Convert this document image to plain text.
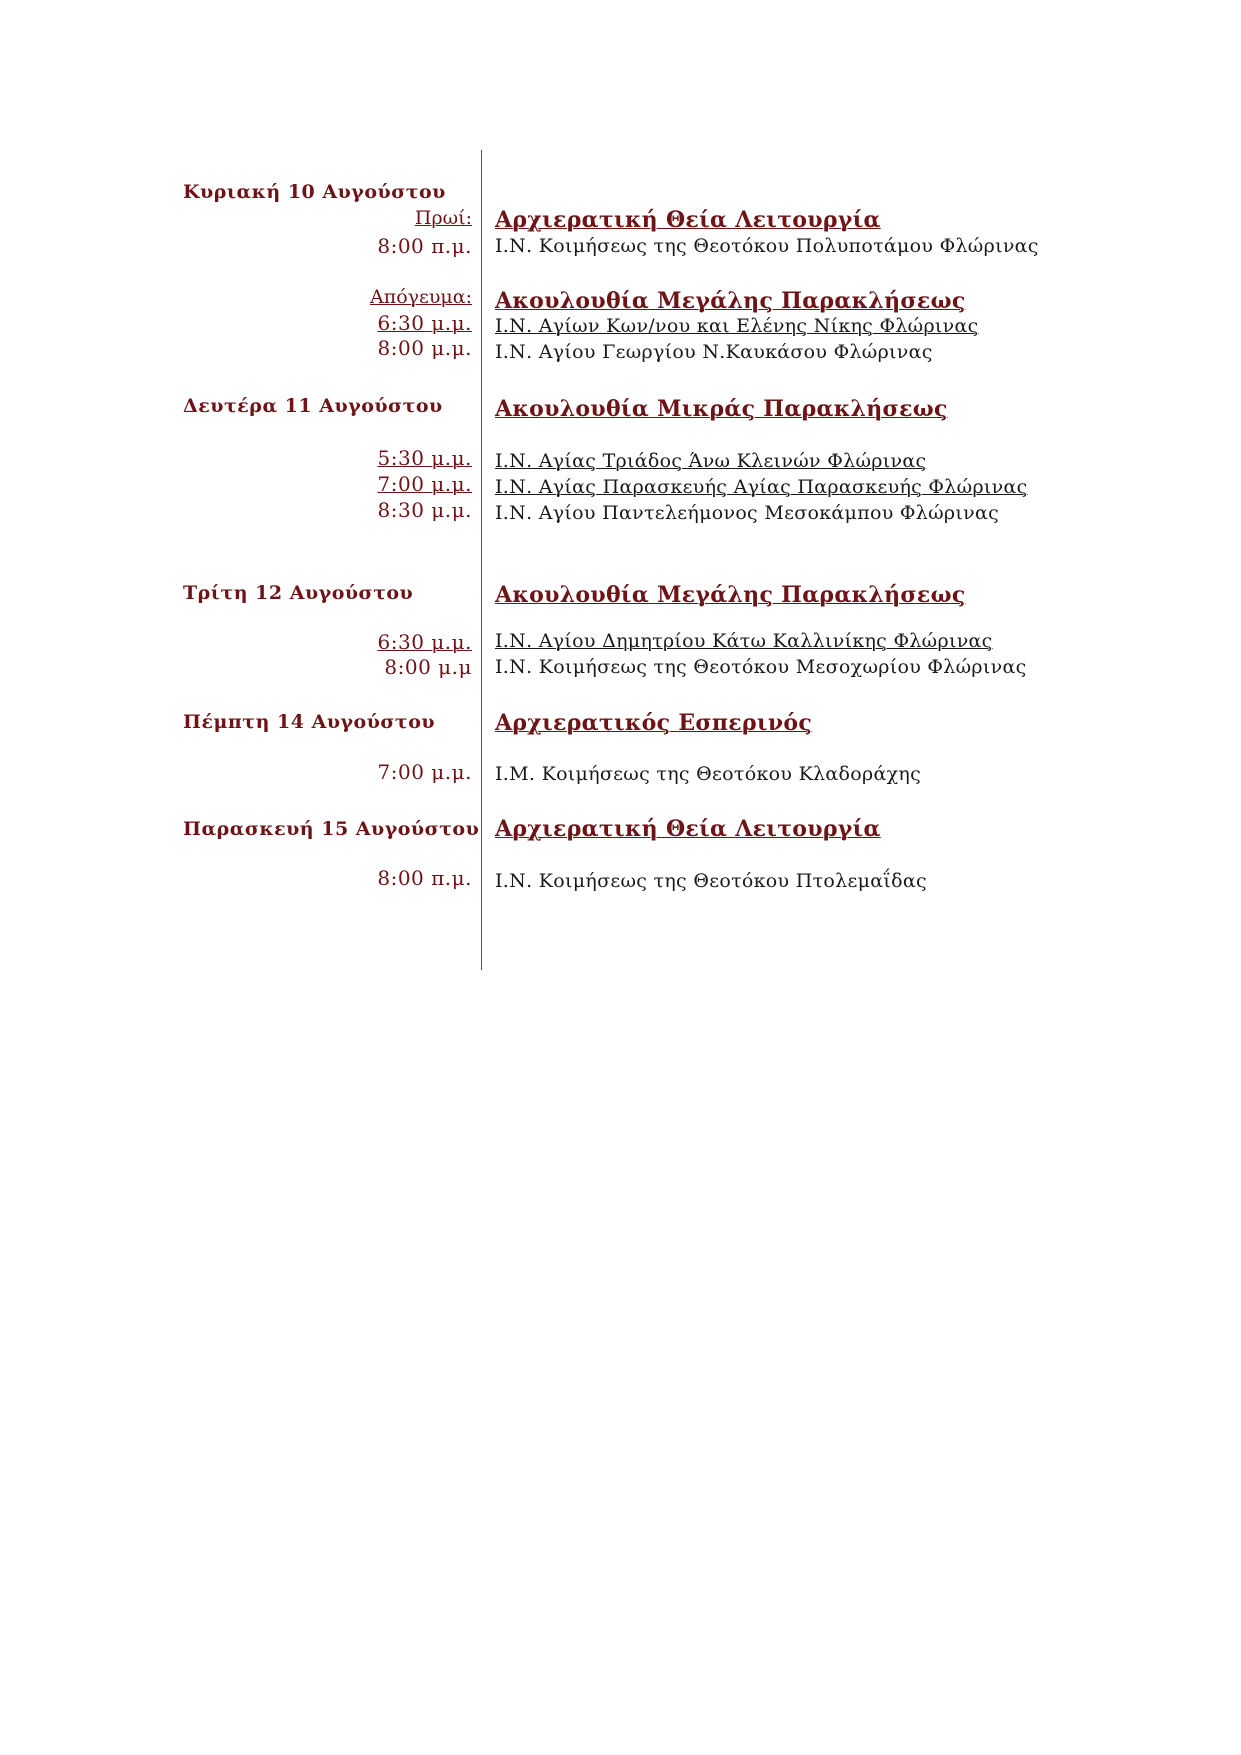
Κυριακή 10 Αυγούστου
Πρωί: Αρχιερατική Θεία Λειτουργία
8:00 π.μ. Ι.Ν. Κοιμήσεως της Θεοτόκου Πολυποτάμου Φλώρινας
Απόγευμα: Ακουλουθία Μεγάλης Παρακλήσεως
6:30 μ.μ. Ι.Ν. Αγίων Κων/νου και Ελένης Νίκης Φλώρινας
8:00 μ.μ. Ι.Ν. Αγίου Γεωργίου Ν.Καυκάσου Φλώρινας
Δευτέρα 11 Αυγούστου Ακουλουθία Μικράς Παρακλήσεως
5:30 μ.μ. Ι.Ν. Αγίας Τριάδος Άνω Κλεινών Φλώρινας
7:00 μ.μ. Ι.Ν. Αγίας Παρασκευής Αγίας Παρασκευής Φλώρινας
8:30 μ.μ. Ι.Ν. Αγίου Παντελεήμονος Μεσοκάμπου Φλώρινας
Τρίτη 12 Αυγούστου	Ακουλουθία Μεγάλης Παρακλήσεως
6:30 μ.μ. Ι.Ν. Αγίου Δημητρίου Κάτω Καλλινίκης Φλώρινας
8:00 μ.μ Ι.Ν. Κοιμήσεως της Θεοτόκου Μεσοχωρίου Φλώρινας
Πέμπτη 14 Αυγούστου	Αρχιερατικός Εσπερινός
7:00 μ.μ. Ι.Μ. Κοιμήσεως της Θεοτόκου Κλαδοράχης
Παρασκευή 15 Αυγούστου Αρχιερατική Θεία Λειτουργία
8:00 π.μ. Ι.Ν. Κοιμήσεως της Θεοτόκου Πτολεμαΐδας
